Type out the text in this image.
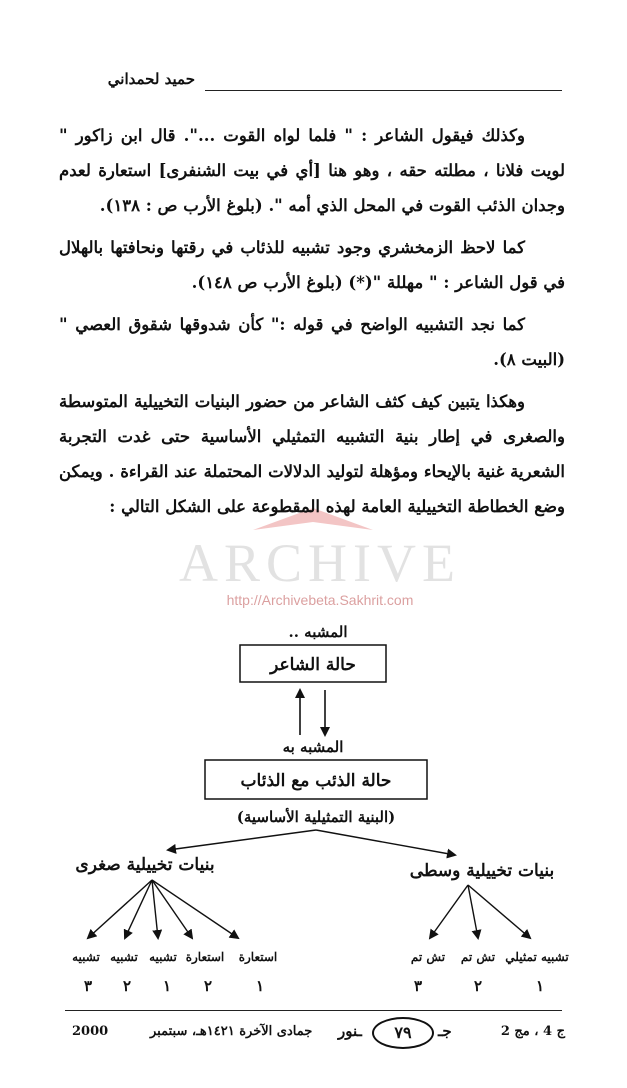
حميد لحمداني
ARCHIVE
http://Archivebeta.Sakhrit.com

وكذلك فيقول الشاعر : " فلما لواه القوت ...". قال ابن زاكور " لويت فلانا ، مطلته حقه ، وهو هنا [أي في بيت الشنفرى] استعارة لعدم وجدان الذئب القوت في المحل الذي أمه ". (بلوغ الأرب ص : ١٣٨).

كما لاحظ الزمخشري وجود تشبيه للذئاب في رقتها ونحافتها بالهلال في قول الشاعر : " مهللة "(*) (بلوغ الأرب ص ١٤٨).

كما نجد التشبيه الواضح في قوله :" كأن شدوقها شقوق العصي " (البيت ٨).

وهكذا يتبين كيف كثف الشاعر من حضور البنيات التخييلية المتوسطة والصغرى في إطار بنية التشبيه التمثيلي الأساسية حتى غدت التجربة الشعرية غنية بالإيحاء ومؤهلة لتوليد الدلالات المحتملة عند القراءة . ويمكن وضع الخطاطة التخييلية العامة لهذه المقطوعة على الشكل التالي :

المشبه ..
حالة الشاعر
المشبه به
حالة الذئب مع الذئاب
(البنية التمثيلية الأساسية)
بنيات تخييلية وسطى
بنيات تخييلية صغرى
تشبيه تمثيلي
تش تم
تش تم
١
٢
٣
استعارة
استعارة
تشبيه
تشبيه
تشبيه
١
٢
١
٢
٣
ج 4 ، مج 2
جـ
٧٩
ـنور
جمادى الآخرة ١٤٢١هـ، سبتمبر
2000
